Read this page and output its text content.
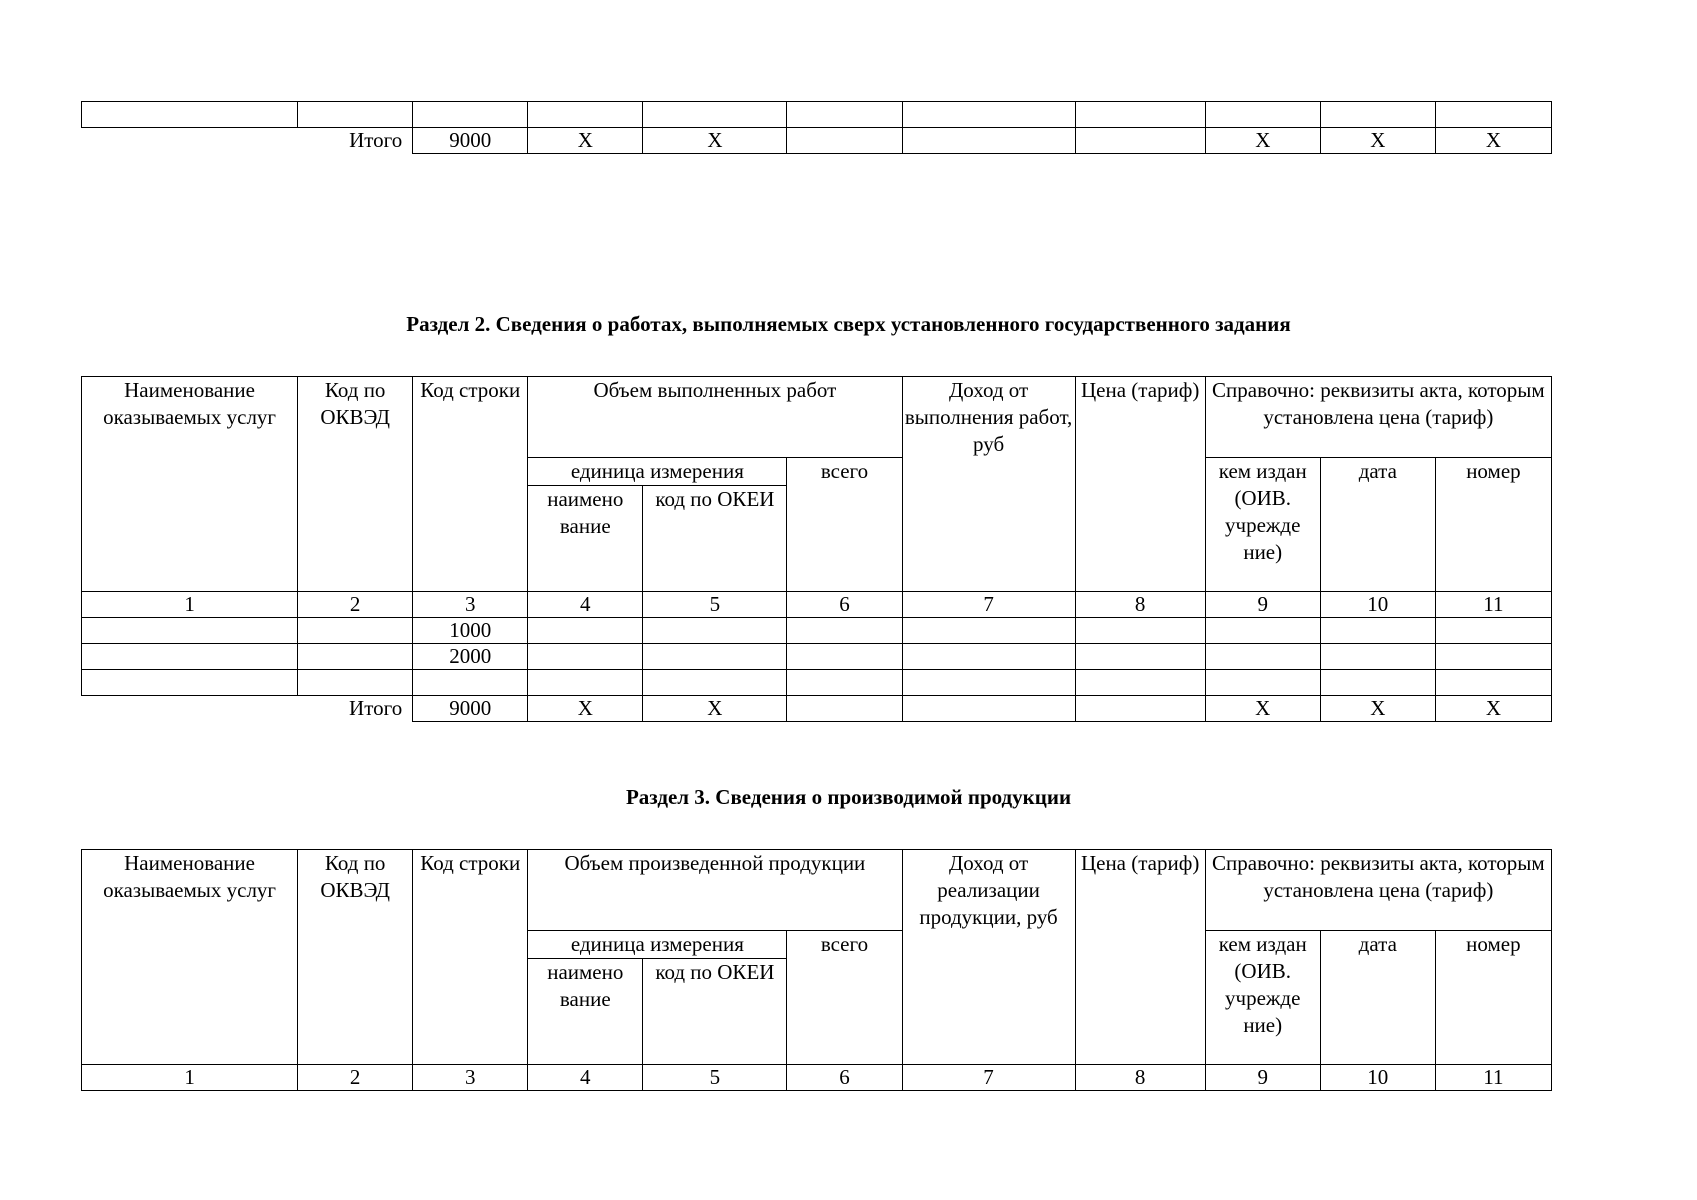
Итого		9000	X	X				X	X	X

Раздел 2. Сведения о работах, выполняемых сверх установленного государственного задания

Наименование оказываемых услуг	Код по ОКВЭД	Код строки	Объем выполненных работ			Доход от выполнения работ, руб	Цена (тариф)	Справочно: реквизиты акта, которым установлена цена (тариф)		
			единица измерения		всего			кем издан (ОИВ. учрежде ние)	дата	номер
			наимено вание	код по ОКЕИ						
1	2	3	4	5	6	7	8	9	10	11
		1000								
		2000								

Итого		9000	X	X				X	X	X

Раздел 3. Сведения о производимой продукции

Наименование оказываемых услуг	Код по ОКВЭД	Код строки	Объем произведенной продукции			Доход от реализации продукции, руб	Цена (тариф)	Справочно: реквизиты акта, которым установлена цена (тариф)		
			единица измерения		всего			кем издан (ОИВ. учрежде ние)	дата	номер
			наимено вание	код по ОКЕИ						
1	2	3	4	5	6	7	8	9	10	11
